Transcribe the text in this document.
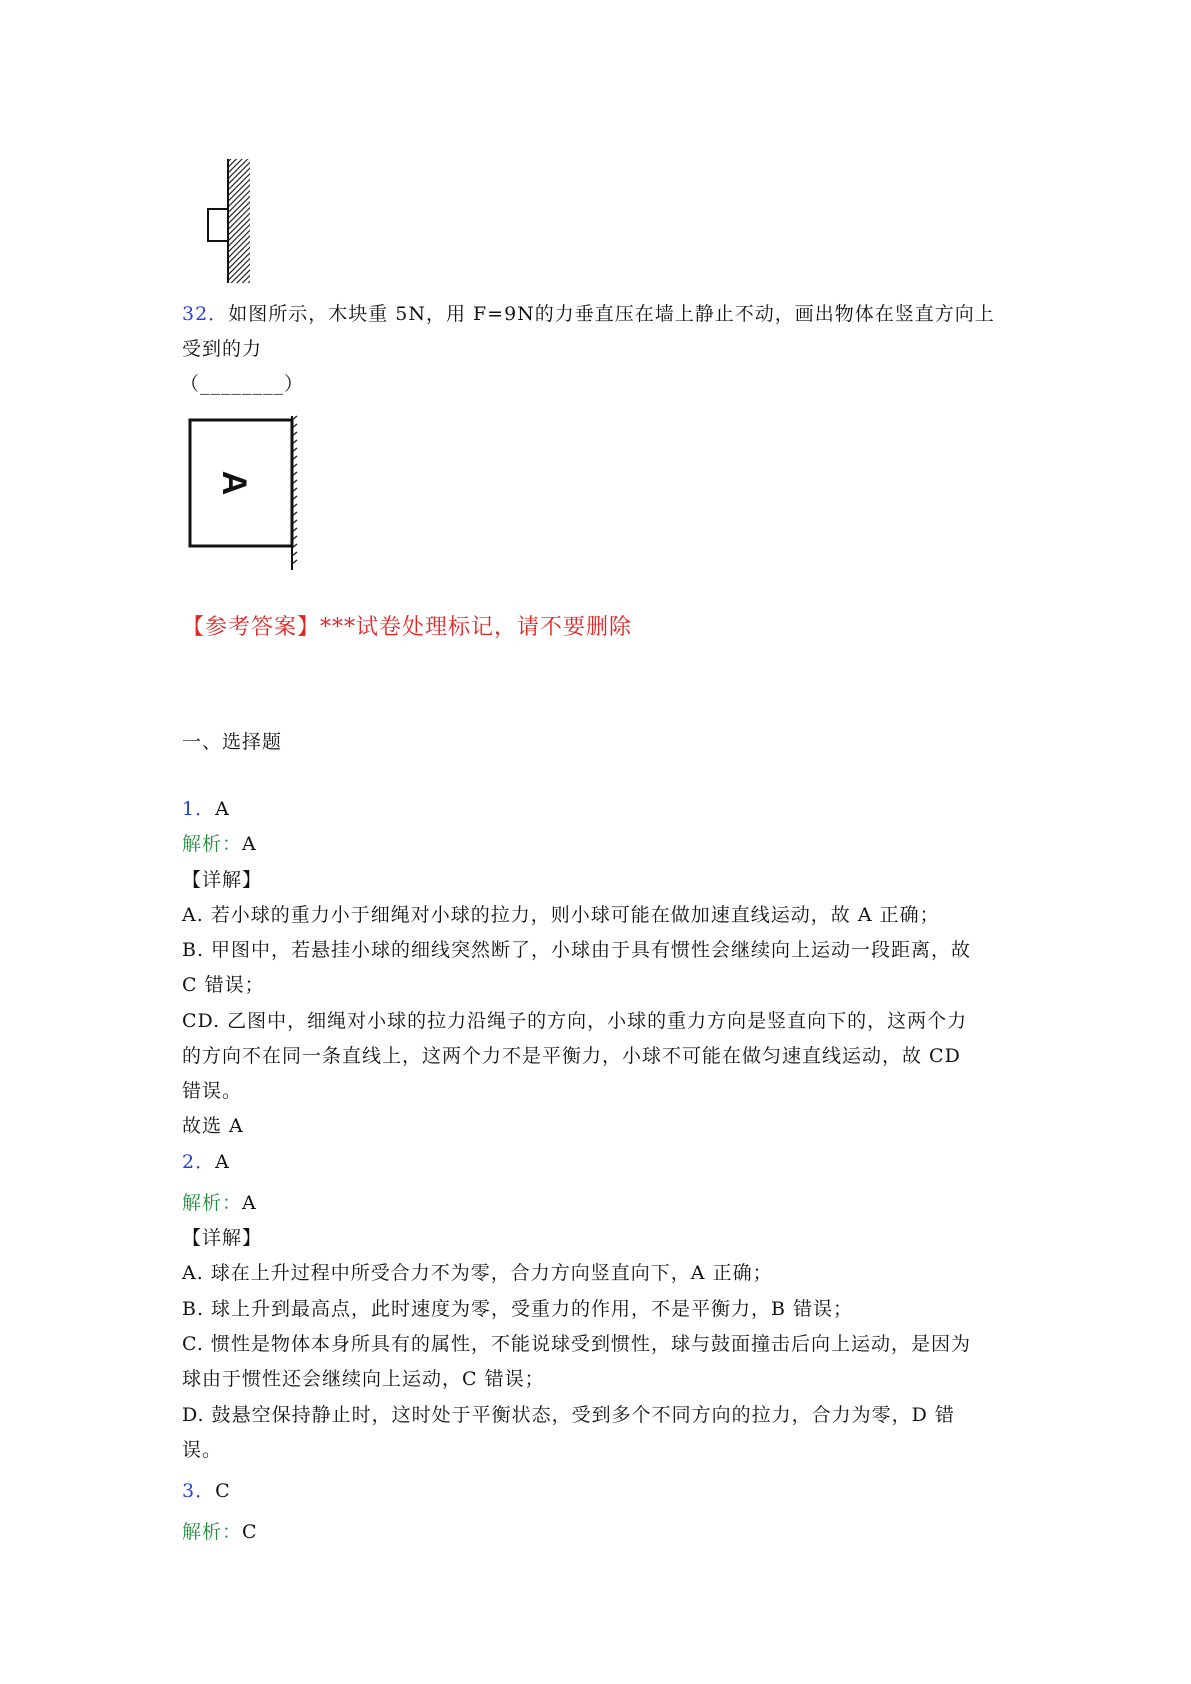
32．如图所示，木块重 5N，用 F=9N的力垂直压在墙上静止不动，画出物体在竖直方向上
受到的力
（________）
A
【参考答案】***试卷处理标记，请不要删除
一、选择题
1．A
解析：A
【详解】
A. 若小球的重力小于细绳对小球的拉力，则小球可能在做加速直线运动，故 A 正确；
B. 甲图中，若悬挂小球的细线突然断了，小球由于具有惯性会继续向上运动一段距离，故
C 错误；
CD. 乙图中，细绳对小球的拉力沿绳子的方向，小球的重力方向是竖直向下的，这两个力
的方向不在同一条直线上，这两个力不是平衡力，小球不可能在做匀速直线运动，故 CD
错误。
故选 A
2．A
解析：A
【详解】
A. 球在上升过程中所受合力不为零，合力方向竖直向下，A 正确；
B. 球上升到最高点，此时速度为零，受重力的作用，不是平衡力，B 错误；
C. 惯性是物体本身所具有的属性，不能说球受到惯性，球与鼓面撞击后向上运动，是因为
球由于惯性还会继续向上运动，C 错误；
D. 鼓悬空保持静止时，这时处于平衡状态，受到多个不同方向的拉力，合力为零，D 错
误。
3．C
解析：C
